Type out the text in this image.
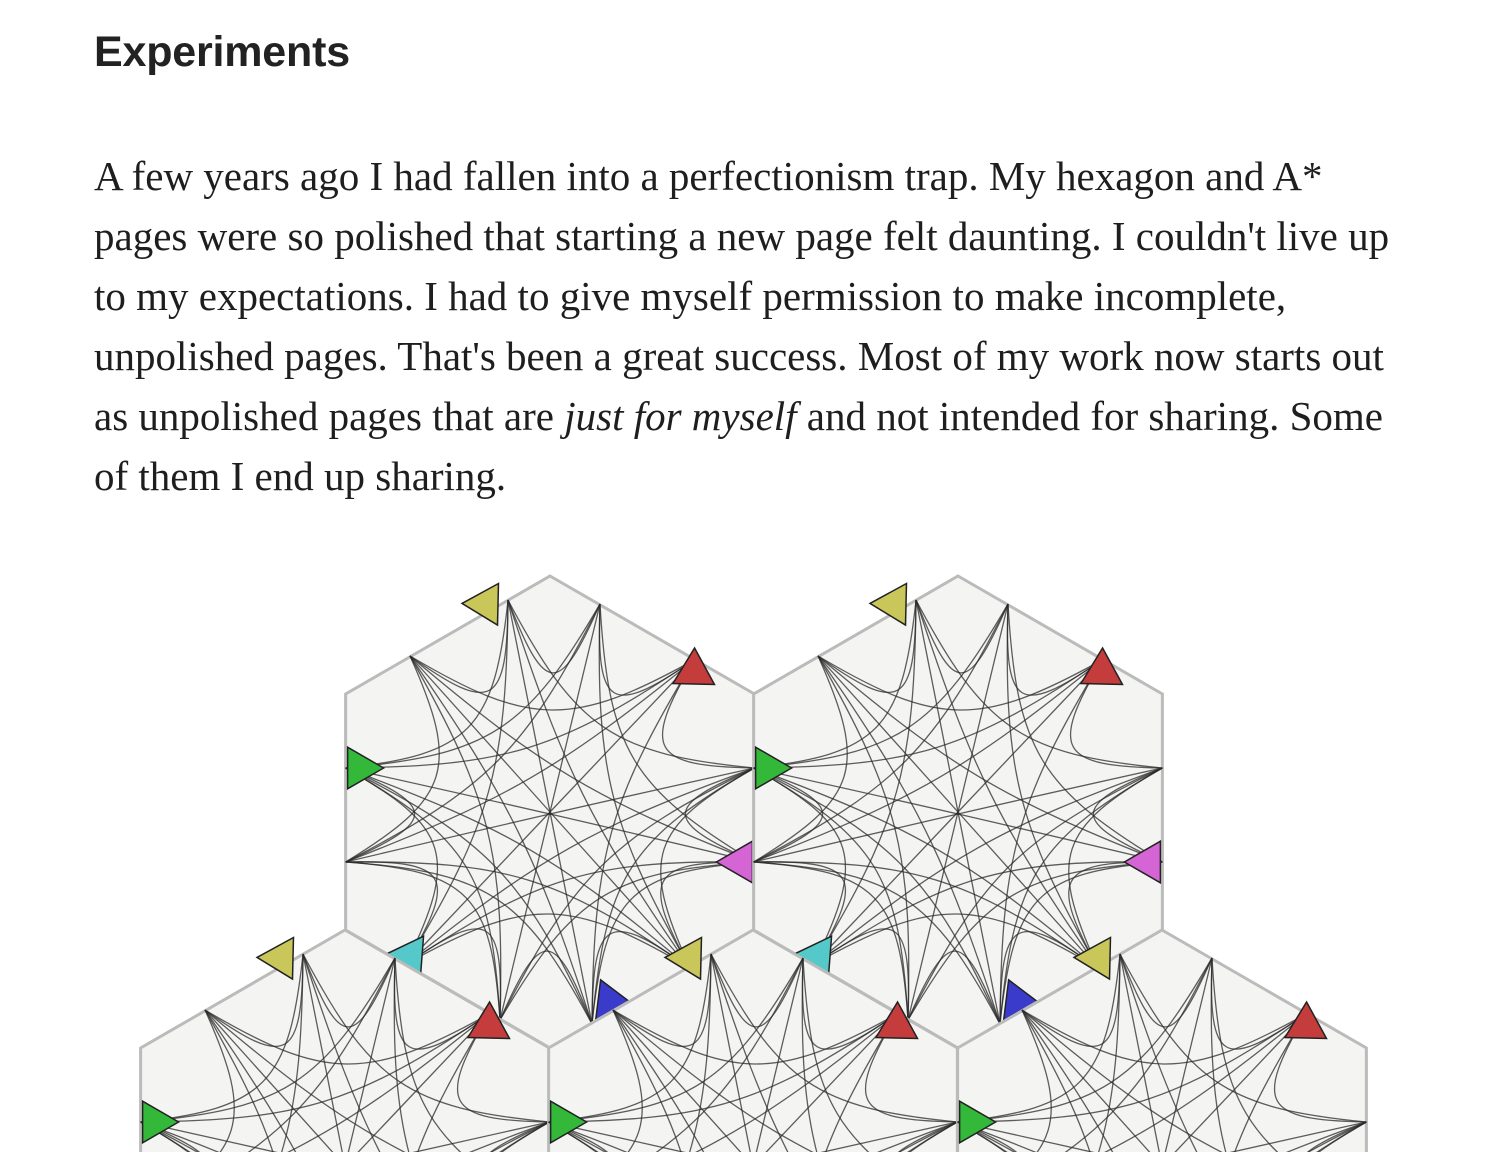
Experiments

A few years ago I had fallen into a perfectionism trap. My hexagon and A* pages were so polished that starting a new page felt daunting. I couldn't live up to my expectations. I had to give myself permission to make incomplete, unpolished pages. That's been a great success. Most of my work now starts out as unpolished pages that are just for myself and not intended for sharing. Some of them I end up sharing.
